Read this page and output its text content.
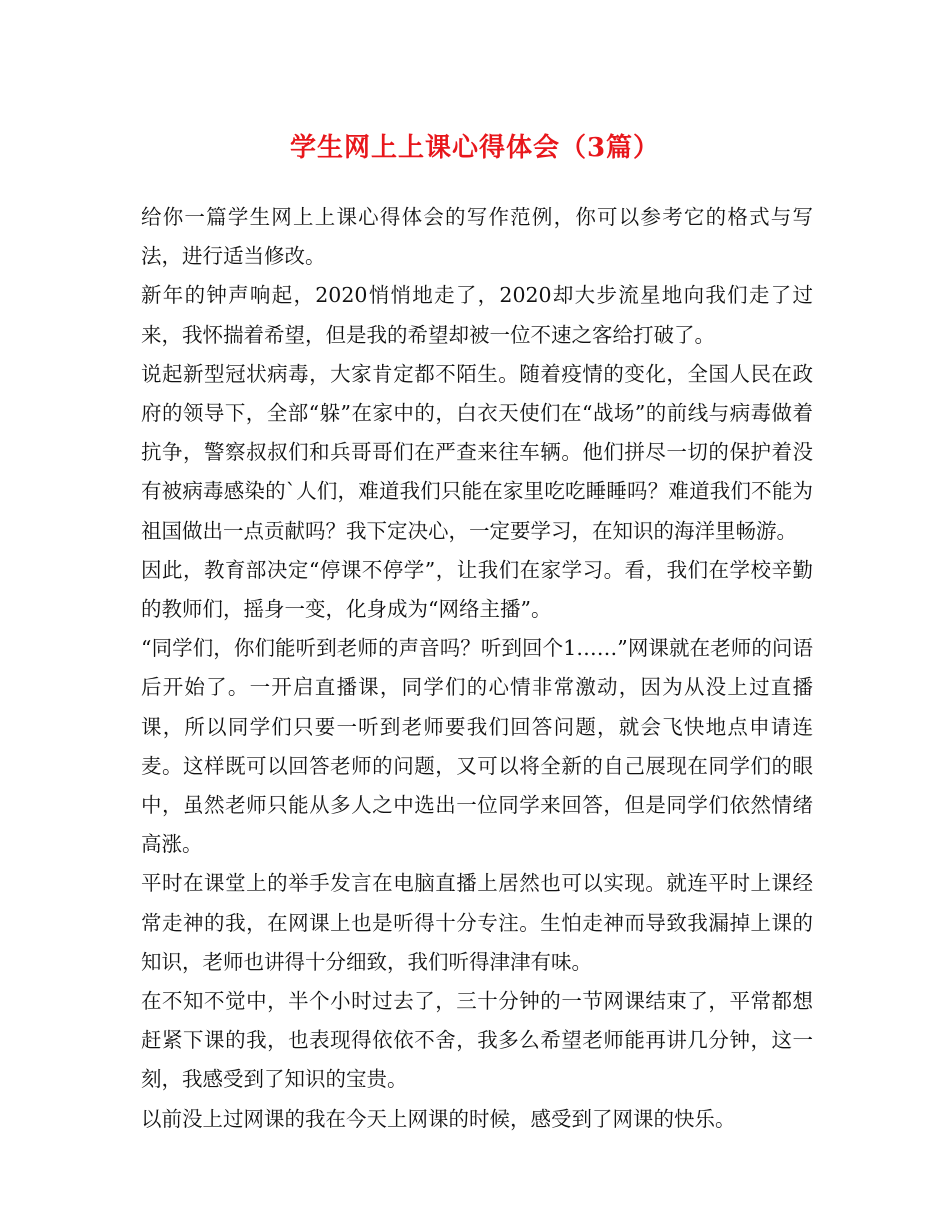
学生网上上课心得体会（3篇）

给你一篇学生网上上课心得体会的写作范例，你可以参考它的格式与写法，进行适当修改。

新年的钟声响起，2020悄悄地走了，2020却大步流星地向我们走了过来，我怀揣着希望，但是我的希望却被一位不速之客给打破了。

说起新型冠状病毒，大家肯定都不陌生。随着疫情的变化，全国人民在政府的领导下，全部“躲”在家中的，白衣天使们在“战场”的前线与病毒做着抗争，警察叔叔们和兵哥哥们在严查来往车辆。他们拼尽一切的保护着没有被病毒感染的`人们，难道我们只能在家里吃吃睡睡吗？难道我们不能为祖国做出一点贡献吗？我下定决心，一定要学习，在知识的海洋里畅游。

因此，教育部决定“停课不停学”，让我们在家学习。看，我们在学校辛勤的教师们，摇身一变，化身成为“网络主播”。

“同学们，你们能听到老师的声音吗？听到回个1……”网课就在老师的问语后开始了。一开启直播课，同学们的心情非常激动，因为从没上过直播课，所以同学们只要一听到老师要我们回答问题，就会飞快地点申请连麦。这样既可以回答老师的问题，又可以将全新的自己展现在同学们的眼中，虽然老师只能从多人之中选出一位同学来回答，但是同学们依然情绪高涨。

平时在课堂上的举手发言在电脑直播上居然也可以实现。就连平时上课经常走神的我，在网课上也是听得十分专注。生怕走神而导致我漏掉上课的知识，老师也讲得十分细致，我们听得津津有味。

在不知不觉中，半个小时过去了，三十分钟的一节网课结束了，平常都想赶紧下课的我，也表现得依依不舍，我多么希望老师能再讲几分钟，这一刻，我感受到了知识的宝贵。

以前没上过网课的我在今天上网课的时候，感受到了网课的快乐。
